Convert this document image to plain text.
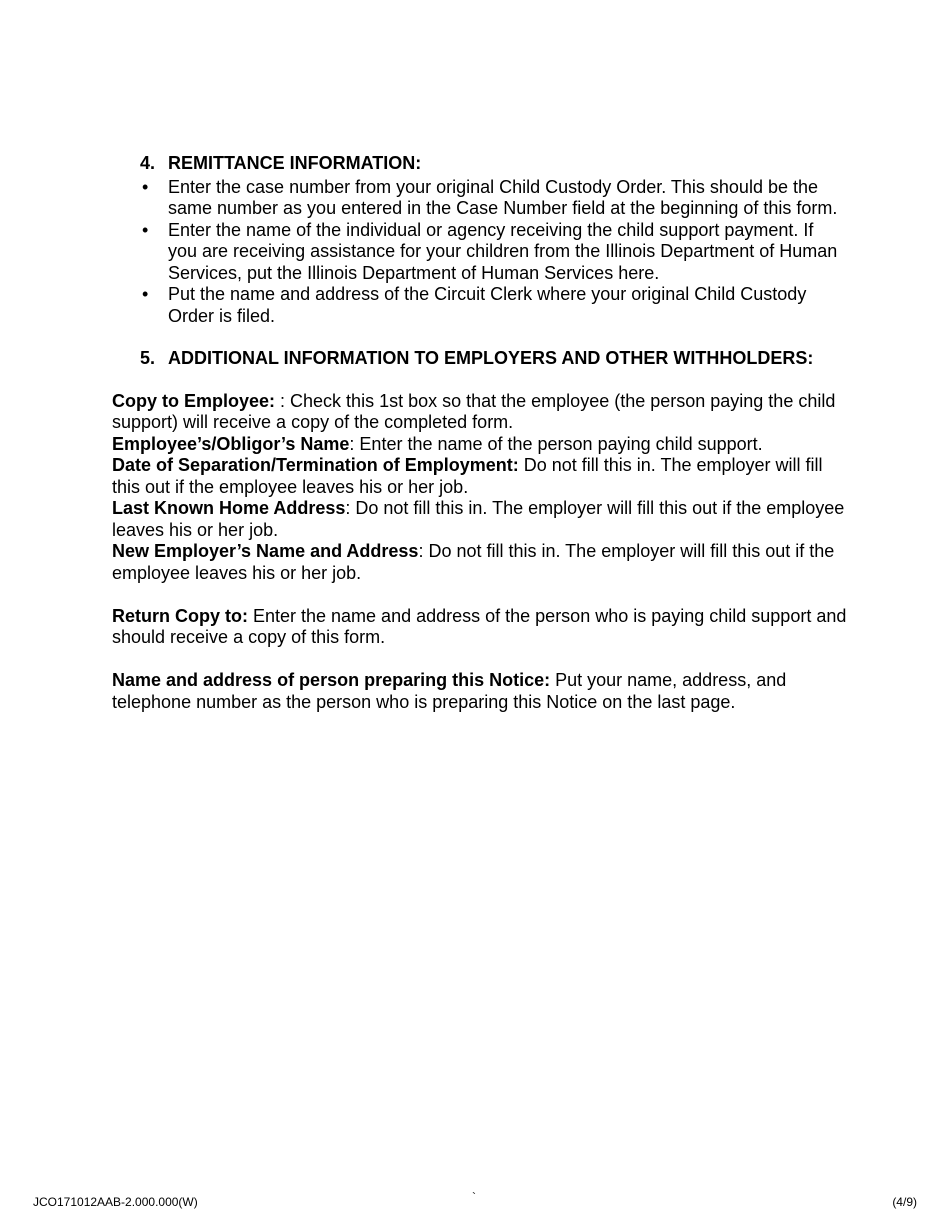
4. REMITTANCE INFORMATION:
•	Enter the case number from your original Child Custody Order. This should be the same number as you entered in the Case Number field at the beginning of this form.
•	Enter the name of the individual or agency receiving the child support payment. If you are receiving assistance for your children from the Illinois Department of Human Services, put the Illinois Department of Human Services here.
•	Put the name and address of the Circuit Clerk where your original Child Custody Order is filed.
5. ADDITIONAL INFORMATION TO EMPLOYERS AND OTHER WITHHOLDERS:

Copy to Employee: : Check this 1st box so that the employee (the person paying the child support) will receive a copy of the completed form.

Employee’s/Obligor’s Name: Enter the name of the person paying child support.

Date of Separation/Termination of Employment: Do not fill this in. The employer will fill this out if the employee leaves his or her job.

Last Known Home Address: Do not fill this in. The employer will fill this out if the employee leaves his or her job.

New Employer’s Name and Address: Do not fill this in. The employer will fill this out if the employee leaves his or her job.

Return Copy to: Enter the name and address of the person who is paying child support and should receive a copy of this form.

Name and address of person preparing this Notice: Put your name, address, and telephone number as the person who is preparing this Notice on the last page.

JCO171012AAB-2.000.000(W)	`	(4/9)
